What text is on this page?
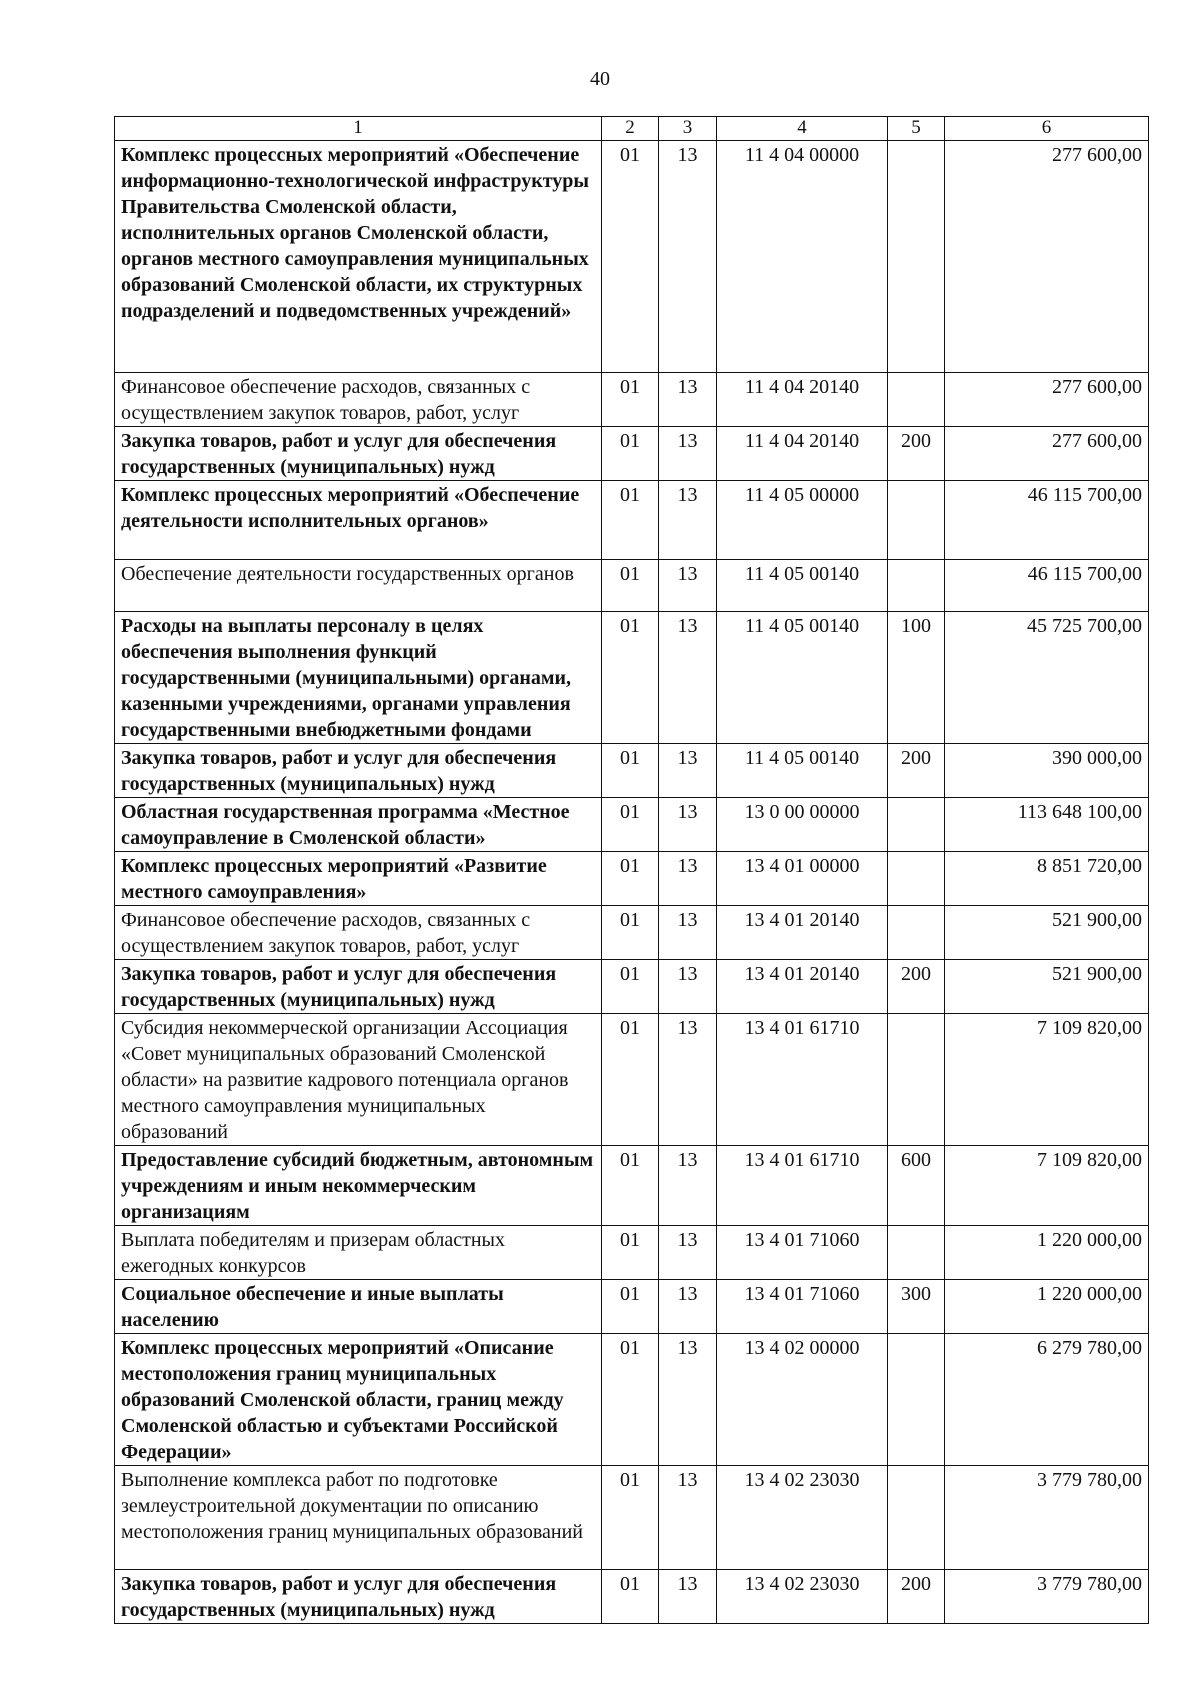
40
1	2	3	4	5	6
Комплекс процессных мероприятий «Обеспечение информационно-технологической инфраструктуры Правительства Смоленской области, исполнительных органов Смоленской области, органов местного самоуправления муниципальных образований Смоленской области, их структурных подразделений и подведомственных учреждений»	01	13	11 4 04 00000		277 600,00
Финансовое обеспечение расходов, связанных с осуществлением закупок товаров, работ, услуг	01	13	11 4 04 20140		277 600,00
Закупка товаров, работ и услуг для обеспечения государственных (муниципальных) нужд	01	13	11 4 04 20140	200	277 600,00
Комплекс процессных мероприятий «Обеспечение деятельности исполнительных органов»	01	13	11 4 05 00000		46 115 700,00
Обеспечение деятельности государственных органов	01	13	11 4 05 00140		46 115 700,00
Расходы на выплаты персоналу в целях обеспечения выполнения функций государственными (муниципальными) органами, казенными учреждениями, органами управления государственными внебюджетными фондами	01	13	11 4 05 00140	100	45 725 700,00
Закупка товаров, работ и услуг для обеспечения государственных (муниципальных) нужд	01	13	11 4 05 00140	200	390 000,00
Областная государственная программа «Местное самоуправление в Смоленской области»	01	13	13 0 00 00000		113 648 100,00
Комплекс процессных мероприятий «Развитие местного самоуправления»	01	13	13 4 01 00000		8 851 720,00
Финансовое обеспечение расходов, связанных с осуществлением закупок товаров, работ, услуг	01	13	13 4 01 20140		521 900,00
Закупка товаров, работ и услуг для обеспечения государственных (муниципальных) нужд	01	13	13 4 01 20140	200	521 900,00
Субсидия некоммерческой организации Ассоциация «Совет муниципальных образований Смоленской области» на развитие кадрового потенциала органов местного самоуправления муниципальных образований	01	13	13 4 01 61710		7 109 820,00
Предоставление субсидий бюджетным, автономным учреждениям и иным некоммерческим организациям	01	13	13 4 01 61710	600	7 109 820,00
Выплата победителям и призерам областных ежегодных конкурсов	01	13	13 4 01 71060		1 220 000,00
Социальное обеспечение и иные выплаты населению	01	13	13 4 01 71060	300	1 220 000,00
Комплекс процессных мероприятий «Описание местоположения границ муниципальных образований Смоленской области, границ между Смоленской областью и субъектами Российской Федерации»	01	13	13 4 02 00000		6 279 780,00
Выполнение комплекса работ по подготовке землеустроительной документации по описанию местоположения границ муниципальных образований	01	13	13 4 02 23030		3 779 780,00
Закупка товаров, работ и услуг для обеспечения государственных (муниципальных) нужд	01	13	13 4 02 23030	200	3 779 780,00
